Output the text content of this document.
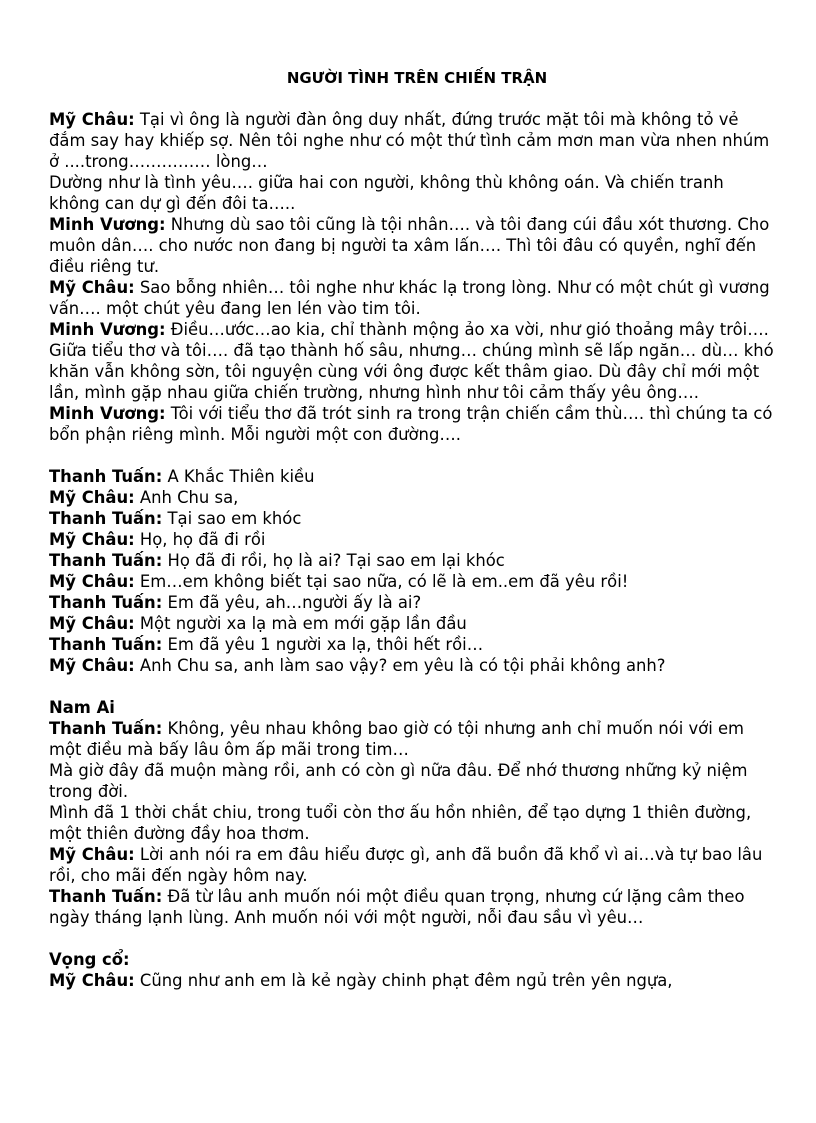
NGƯỜI TÌNH TRÊN CHIẾN TRẬN

Mỹ Châu: Tại vì ông là người đàn ông duy nhất, đứng trước mặt tôi mà không tỏ vẻ đắm say hay khiếp sợ. Nên tôi nghe như có một thứ tình cảm mơn man vừa nhen nhúm ở ....trong…………… lòng…

Dường như là tình yêu…. giữa hai con người, không thù không oán. Và chiến tranh không can dự gì đến đôi ta…..

Minh Vương: Nhưng dù sao tôi cũng là tội nhân…. và tôi đang cúi đầu xót thương. Cho muôn dân…. cho nước non đang bị người ta xâm lấn…. Thì tôi đâu có quyền, nghĩ đến điều riêng tư.

Mỹ Châu: Sao bỗng nhiên… tôi nghe như khác lạ trong lòng. Như có một chút gì vương vấn…. một chút yêu đang len lén vào tim tôi.

Minh Vương: Điều…ước…ao kia, chỉ thành mộng ảo xa vời, như gió thoảng mây trôi…. Giữa tiểu thơ và tôi…. đã tạo thành hố sâu, nhưng… chúng mình sẽ lấp ngăn… dù… khó khăn vẫn không sờn, tôi nguyện cùng với ông được kết thâm giao. Dù đây chỉ mới một lần, mình gặp nhau giữa chiến trường, nhưng hình như tôi cảm thấy yêu ông….

Minh Vương: Tôi với tiểu thơ đã trót sinh ra trong trận chiến cầm thù…. thì chúng ta có bổn phận riêng mình. Mỗi người một con đường….

Thanh Tuấn: A Khắc Thiên kiều

Mỹ Châu: Anh Chu sa,

Thanh Tuấn: Tại sao em khóc

Mỹ Châu: Họ, họ đã đi rồi

Thanh Tuấn: Họ đã đi rồi, họ là ai? Tại sao em lại khóc

Mỹ Châu: Em…em không biết tại sao nữa, có lẽ là em..em đã yêu rồi!

Thanh Tuấn: Em đã yêu, ah…người ấy là ai?

Mỹ Châu: Một người xa lạ mà em mới gặp lần đầu

Thanh Tuấn: Em đã yêu 1 người xa lạ, thôi hết rồi…

Mỹ Châu: Anh Chu sa, anh làm sao vậy? em yêu là có tội phải không anh?

Nam Ai

Thanh Tuấn: Không, yêu nhau không bao giờ có tội nhưng anh chỉ muốn nói với em một điều mà bấy lâu ôm ấp mãi trong tim…

Mà giờ đây đã muộn màng rồi, anh có còn gì nữa đâu. Để nhớ thương những kỷ niệm trong đời.

Mình đã 1 thời chắt chiu, trong tuổi còn thơ ấu hồn nhiên, để tạo dựng 1 thiên đường, một thiên đường đầy hoa thơm.

Mỹ Châu: Lời anh nói ra em đâu hiểu được gì, anh đã buồn đã khổ vì ai…và tự bao lâu rồi, cho mãi đến ngày hôm nay.

Thanh Tuấn: Đã từ lâu anh muốn nói một điều quan trọng, nhưng cứ lặng câm theo ngày tháng lạnh lùng. Anh muốn nói với một người, nỗi đau sầu vì yêu…

Vọng cổ:

Mỹ Châu: Cũng như anh em là kẻ ngày chinh phạt đêm ngủ trên yên ngựa,
